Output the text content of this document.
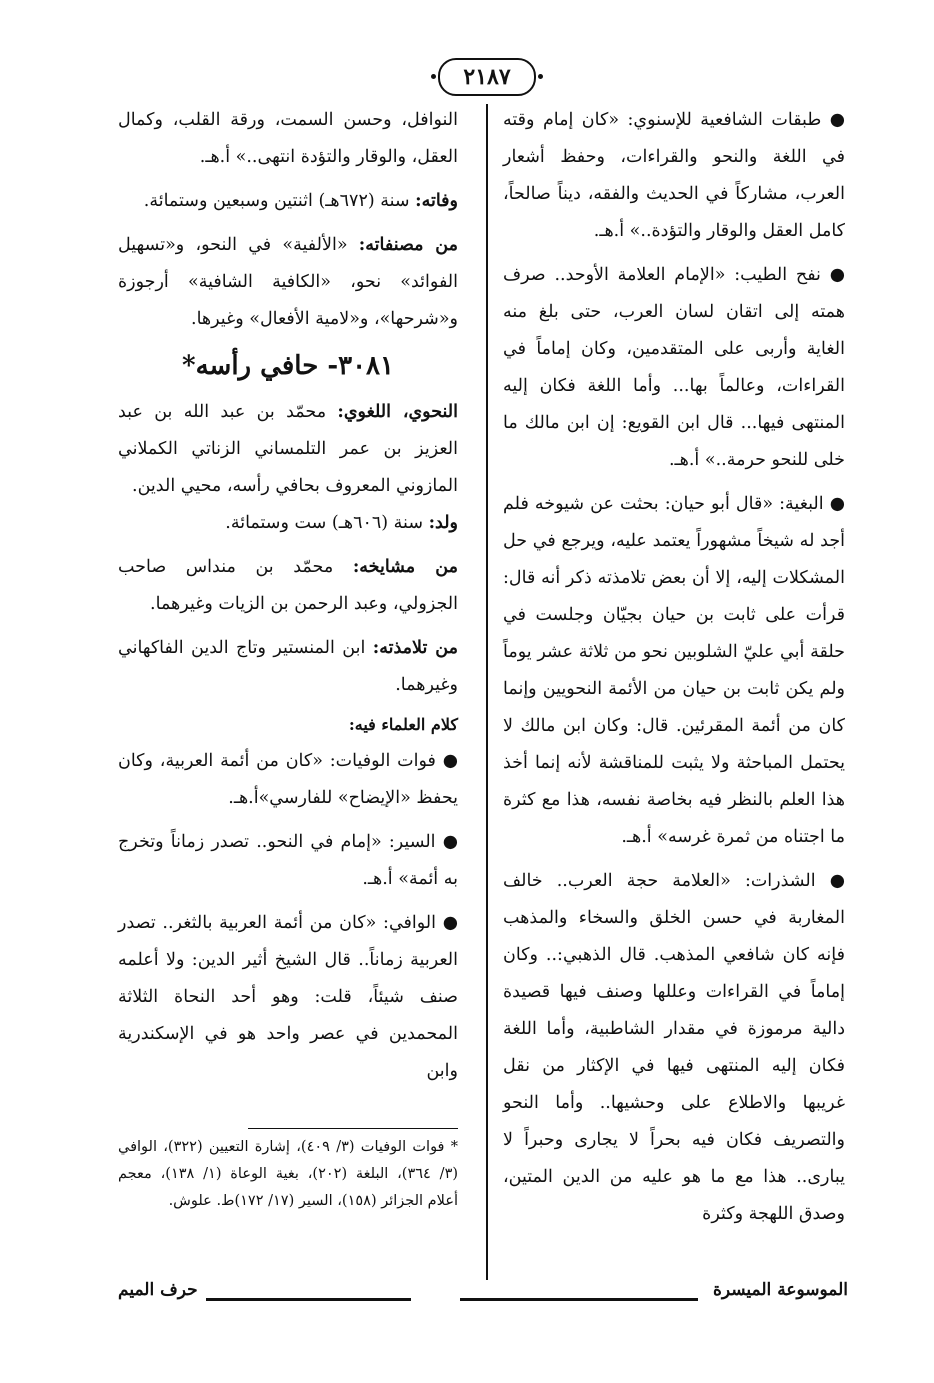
٢١٨٧

● طبقات الشافعية للإسنوي: «كان إمام وقته في اللغة والنحو والقراءات، وحفظ أشعار العرب، مشاركاً في الحديث والفقه، ديناً صالحاً، كامل العقل والوقار والتؤدة..» أ.هـ.

● نفح الطيب: «الإمام العلامة الأوحد.. صرف همته إلى اتقان لسان العرب، حتى بلغ منه الغاية وأربى على المتقدمين، وكان إماماً في القراءات، وعالماً بها... وأما اللغة فكان إليه المنتهى فيها... قال ابن القويع: إن ابن مالك ما خلى للنحو حرمة..» أ.هـ.

● البغية: «قال أبو حيان: بحثت عن شيوخه فلم أجد له شيخاً مشهوراً يعتمد عليه، ويرجع في حل المشكلات إليه، إلا أن بعض تلامذته ذكر أنه قال: قرأت على ثابت بن حيان بجيّان وجلست في حلقة أبي عليّ الشلوبين نحو من ثلاثة عشر يوماً ولم يكن ثابت بن حيان من الأئمة النحويين وإنما كان من أئمة المقرئين. قال: وكان ابن مالك لا يحتمل المباحثة ولا يثبت للمناقشة لأنه إنما أخذ هذا العلم بالنظر فيه بخاصة نفسه، هذا مع كثرة ما اجتناه من ثمرة غرسه» أ.هـ.

● الشذرات: «العلامة حجة العرب.. خالف المغاربة في حسن الخلق والسخاء والمذهب فإنه كان شافعي المذهب. قال الذهبي:.. وكان إماماً في القراءات وعللها وصنف فيها قصيدة دالية مرموزة في مقدار الشاطبية، وأما اللغة فكان إليه المنتهى فيها في الإكثار من نقل غريبها والاطلاع على وحشيها.. وأما النحو والتصريف فكان فيه بحراً لا يجارى وحبراً لا يبارى.. هذا مع ما هو عليه من الدين المتين، وصدق اللهجة وكثرة

النوافل، وحسن السمت، ورقة القلب، وكمال العقل، والوقار والتؤدة انتهى..» أ.هـ.

وفاته: سنة (٦٧٢هـ) اثنتين وسبعين وستمائة.

من مصنفاته: «الألفية» في النحو، و«تسهيل الفوائد» نحو، «الكافية الشافية» أرجوزة و«شرحها»، و«لامية الأفعال» وغيرها.

٣٠٨١- حافي رأسه*

النحوي، اللغوي: محمّد بن عبد الله بن عبد العزيز بن عمر التلمساني الزناتي الكملاني المازوني المعروف بحافي رأسه، محيي الدين.

ولد: سنة (٦٠٦هـ) ست وستمائة.

من مشايخه: محمّد بن منداس صاحب الجزولي، وعبد الرحمن بن الزيات وغيرهما.

من تلامذته: ابن المنستير وتاج الدين الفاكهاني وغيرهما.

كلام العلماء فيه:

● فوات الوفيات: «كان من أئمة العربية، وكان يحفظ «الإيضاح» للفارسي»أ.هـ.

● السير: «إمام في النحو.. تصدر زماناً وتخرج به أئمة» أ.هـ.

● الوافي: «كان من أئمة العربية بالثغر.. تصدر العربية زماناً.. قال الشيخ أثير الدين: ولا أعلمه صنف شيئاً، قلت: وهو أحد النحاة الثلاثة المحمدين في عصر واحد هو في الإسكندرية وابن

* فوات الوفيات (٣/ ٤٠٩)، إشارة التعيين (٣٢٢)، الوافي (٣/ ٣٦٤)، البلغة (٢٠٢)، بغية الوعاة (١/ ١٣٨)، معجم أعلام الجزائر (١٥٨)، السير (١٧/ ١٧٢)ط. علوش.
الموسوعة الميسرة
حرف الميم
